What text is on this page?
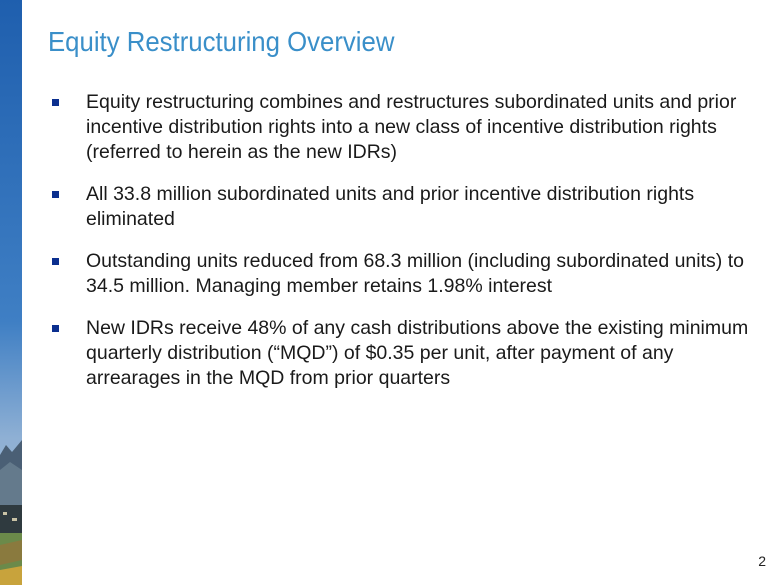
Equity Restructuring Overview
Equity restructuring combines and restructures subordinated units and prior incentive distribution rights into a new class of incentive distribution rights (referred to herein as the new IDRs)
All 33.8 million subordinated units and prior incentive distribution rights eliminated
Outstanding units reduced from 68.3 million (including subordinated units) to 34.5 million. Managing member retains 1.98% interest
New IDRs receive 48% of any cash distributions above the existing minimum quarterly distribution (“MQD”) of $0.35 per unit, after payment of any arrearages in the MQD from prior quarters
2
